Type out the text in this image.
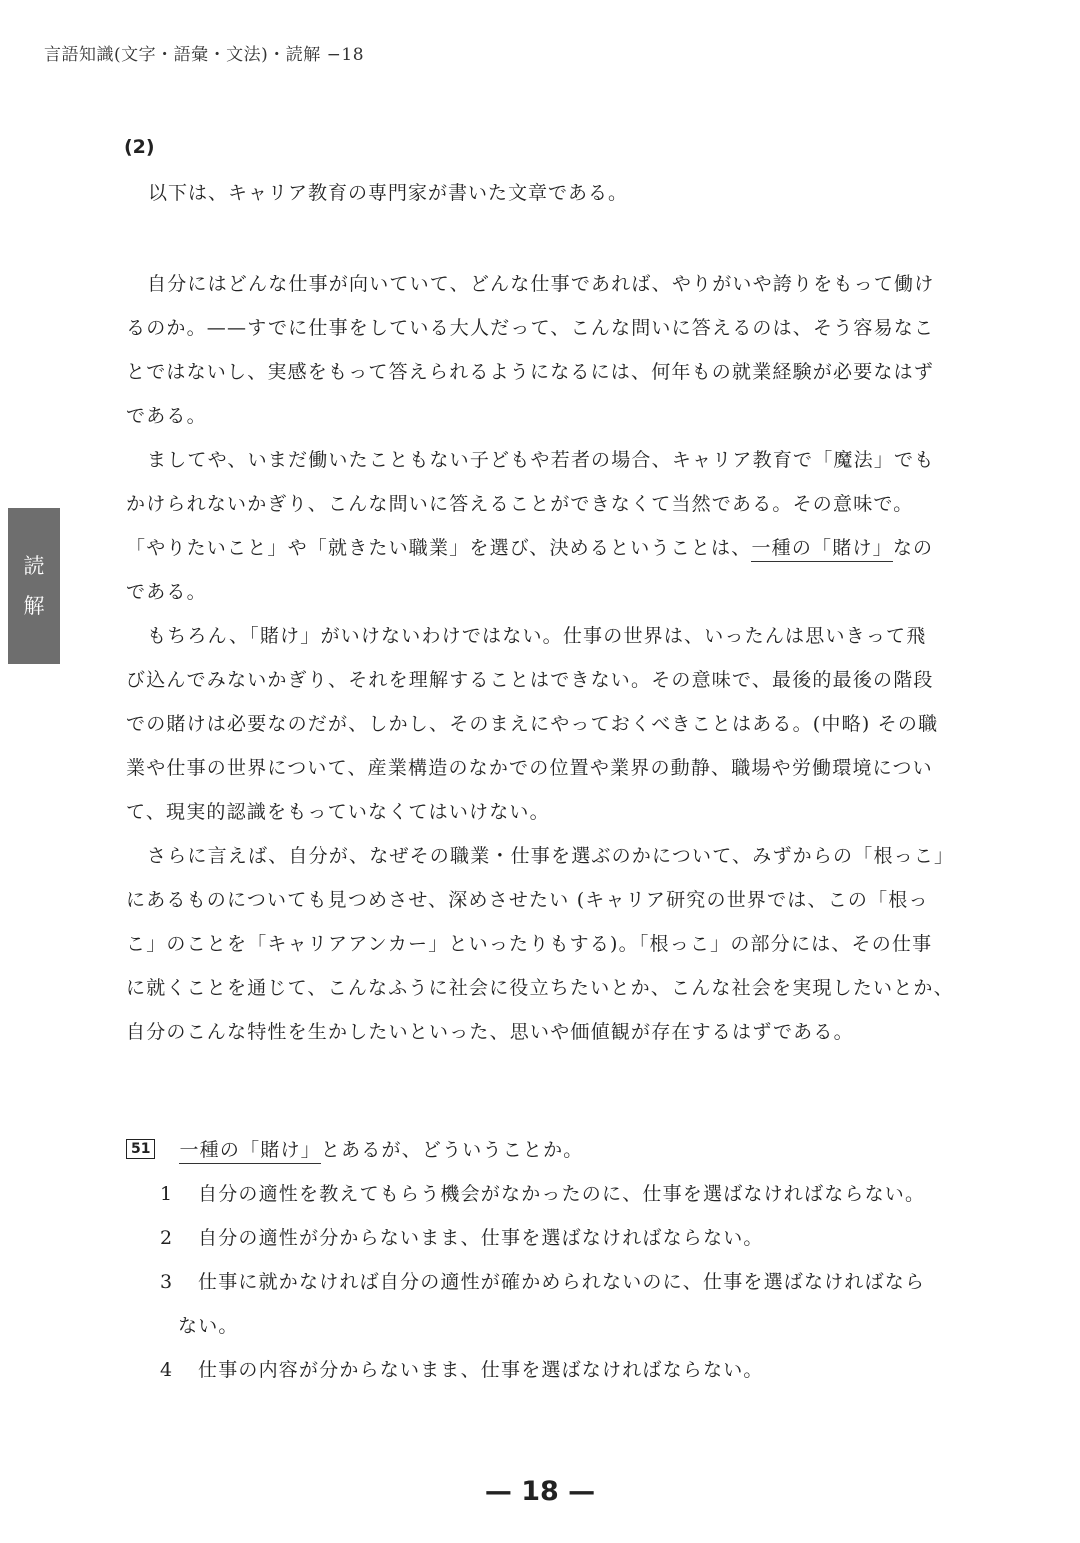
言語知識(文字・語彙・文法)・読解 −18
読
解
(2)
以下は、キャリア教育の専門家が書いた文章である。
自分にはどんな仕事が向いていて、どんな仕事であれば、やりがいや誇りをもって働け
るのか。——すでに仕事をしている大人だって、こんな問いに答えるのは、そう容易なこ
とではないし、実感をもって答えられるようになるには、何年もの就業経験が必要なはず
である。
ましてや、いまだ働いたこともない子どもや若者の場合、キャリア教育で「魔法」でも
かけられないかぎり、こんな問いに答えることができなくて当然である。その意味で。
「やりたいこと」や「就きたい職業」を選び、決めるということは、一種の「賭け」なの
である。
もちろん、「賭け」がいけないわけではない。仕事の世界は、いったんは思いきって飛
び込んでみないかぎり、それを理解することはできない。その意味で、最後的最後の階段
での賭けは必要なのだが、しかし、そのまえにやっておくべきことはある。(中略) その職
業や仕事の世界について、産業構造のなかでの位置や業界の動静、職場や労働環境につい
て、現実的認識をもっていなくてはいけない。
さらに言えば、自分が、なぜその職業・仕事を選ぶのかについて、みずからの「根っこ」
にあるものについても見つめさせ、深めさせたい (キャリア研究の世界では、この「根っ
こ」のことを「キャリアアンカー」といったりもする)。「根っこ」の部分には、その仕事
に就くことを通じて、こんなふうに社会に役立ちたいとか、こんな社会を実現したいとか、
自分のこんな特性を生かしたいといった、思いや価値観が存在するはずである。
51 一種の「賭け」とあるが、どういうことか。
1 自分の適性を教えてもらう機会がなかったのに、仕事を選ばなければならない。
2 自分の適性が分からないまま、仕事を選ばなければならない。
3 仕事に就かなければ自分の適性が確かめられないのに、仕事を選ばなければなら
ない。
4 仕事の内容が分からないまま、仕事を選ばなければならない。
— 18 —
